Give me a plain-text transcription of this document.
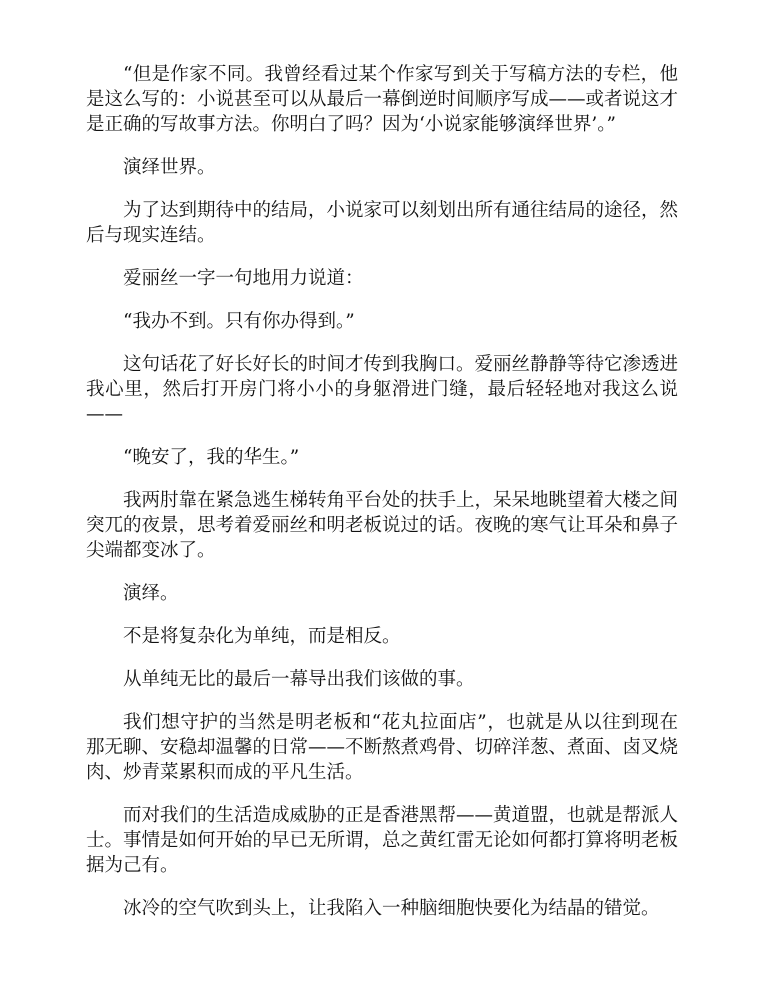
“但是作家不同。我曾经看过某个作家写到关于写稿方法的专栏，他是这么写的：小说甚至可以从最后一幕倒逆时间顺序写成——或者说这才是正确的写故事方法。你明白了吗？因为‘小说家能够演绎世界’。”

演绎世界。

为了达到期待中的结局，小说家可以刻划出所有通往结局的途径，然后与现实连结。

爱丽丝一字一句地用力说道：

“我办不到。只有你办得到。”

这句话花了好长好长的时间才传到我胸口。爱丽丝静静等待它渗透进我心里，然后打开房门将小小的身躯滑进门缝，最后轻轻地对我这么说——

“晚安了，我的华生。”

我两肘靠在紧急逃生梯转角平台处的扶手上，呆呆地眺望着大楼之间突兀的夜景，思考着爱丽丝和明老板说过的话。夜晚的寒气让耳朵和鼻子尖端都变冰了。

演绎。

不是将复杂化为单纯，而是相反。

从单纯无比的最后一幕导出我们该做的事。

我们想守护的当然是明老板和“花丸拉面店”，也就是从以往到现在那无聊、安稳却温馨的日常——不断熬煮鸡骨、切碎洋葱、煮面、卤叉烧肉、炒青菜累积而成的平凡生活。

而对我们的生活造成威胁的正是香港黑帮——黄道盟，也就是帮派人士。事情是如何开始的早已无所谓，总之黄红雷无论如何都打算将明老板据为己有。

冰冷的空气吹到头上，让我陷入一种脑细胞快要化为结晶的错觉。
